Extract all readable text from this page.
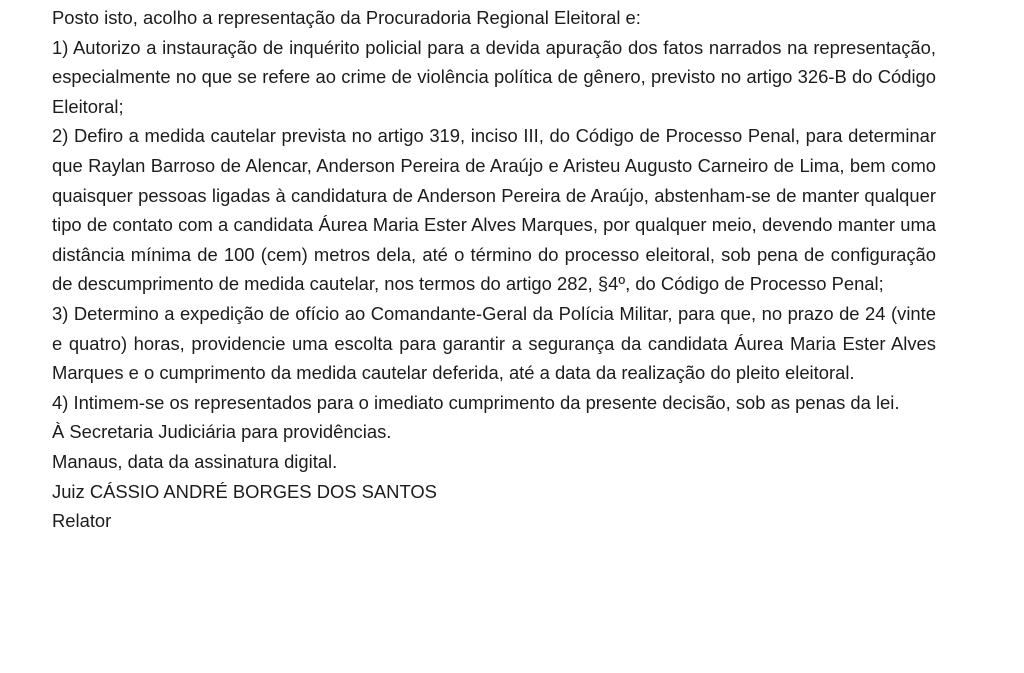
Posto isto, acolho a representação da Procuradoria Regional Eleitoral e:

1) Autorizo a instauração de inquérito policial para a devida apuração dos fatos narrados na representação, especialmente no que se refere ao crime de violência política de gênero, previsto no artigo 326-B do Código Eleitoral;

2) Defiro a medida cautelar prevista no artigo 319, inciso III, do Código de Processo Penal, para determinar que Raylan Barroso de Alencar, Anderson Pereira de Araújo e Aristeu Augusto Carneiro de Lima, bem como quaisquer pessoas ligadas à candidatura de Anderson Pereira de Araújo, abstenham-se de manter qualquer tipo de contato com a candidata Áurea Maria Ester Alves Marques, por qualquer meio, devendo manter uma distância mínima de 100 (cem) metros dela, até o término do processo eleitoral, sob pena de configuração de descumprimento de medida cautelar, nos termos do artigo 282, §4º, do Código de Processo Penal;

3) Determino a expedição de ofício ao Comandante-Geral da Polícia Militar, para que, no prazo de 24 (vinte e quatro) horas, providencie uma escolta para garantir a segurança da candidata Áurea Maria Ester Alves Marques e o cumprimento da medida cautelar deferida, até a data da realização do pleito eleitoral.

4) Intimem-se os representados para o imediato cumprimento da presente decisão, sob as penas da lei.

À Secretaria Judiciária para providências.

Manaus, data da assinatura digital.

Juiz CÁSSIO ANDRÉ BORGES DOS SANTOS

Relator
